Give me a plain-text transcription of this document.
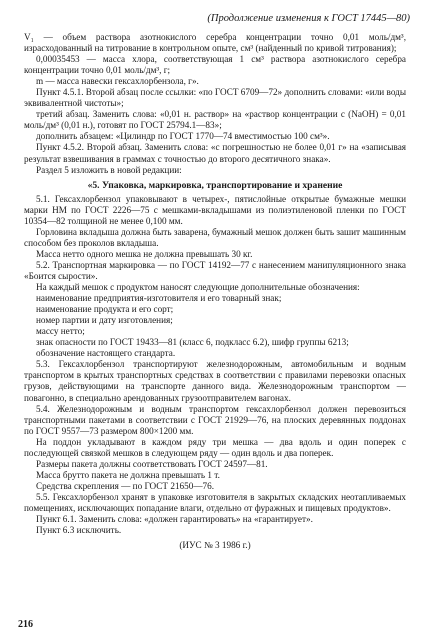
(Продолжение изменения к ГОСТ 17445—80)

V₁ — объем раствора азотнокислого серебра концентрации точно 0,01 моль/дм³, израсходованный на титрование в контрольном опыте, см³ (найденный по кривой титрования);

0,00035453 — масса хлора, соответствующая 1 см³ раствора азотнокислого серебра концентрации точно 0,01 моль/дм³, г;

m — масса навески гексахлорбензола, г».

Пункт 4.5.1. Второй абзац после ссылки: «по ГОСТ 6709—72» дополнить словами: «или воды эквивалентной чистоты»;

третий абзац. Заменить слова: «0,01 н. раствор» на «раствор концентрации с (NaOH) = 0,01 моль/дм³ (0,01 н.), готовят по ГОСТ 25794.1—83»;

дополнить абзацем: «Цилиндр по ГОСТ 1770—74 вместимостью 100 см³».

Пункт 4.5.2. Второй абзац. Заменить слова: «с погрешностью не более 0,01 г» на «записывая результат взвешивания в граммах с точностью до второго десятичного знака».

Раздел 5 изложить в новой редакции:

«5. Упаковка, маркировка, транспортирование и хранение

5.1. Гексахлорбензол упаковывают в четырех-, пятислойные открытые бумажные мешки марки НМ по ГОСТ 2226—75 с мешками-вкладышами из полиэтиленовой пленки по ГОСТ 10354—82 толщиной не менее 0,100 мм.

Горловина вкладыша должна быть заварена, бумажный мешок должен быть зашит машинным способом без проколов вкладыша.

Масса нетто одного мешка не должна превышать 30 кг.

5.2. Транспортная маркировка — по ГОСТ 14192—77 с нанесением манипуляционного знака «Боится сырости».

На каждый мешок с продуктом наносят следующие дополнительные обозначения:

наименование предприятия-изготовителя и его товарный знак;

наименование продукта и его сорт;

номер партии и дату изготовления;

массу нетто;

знак опасности по ГОСТ 19433—81 (класс 6, подкласс 6.2), шифр группы 6213;

обозначение настоящего стандарта.

5.3. Гексахлорбензол транспортируют железнодорожным, автомобильным и водным транспортом в крытых транспортных средствах в соответствии с правилами перевозки опасных грузов, действующими на транспорте данного вида. Железнодорожным транспортом — повагонно, в специально арендованных грузоотправителем вагонах.

5.4. Железнодорожным и водным транспортом гексахлорбензол должен перевозиться транспортными пакетами в соответствии с ГОСТ 21929—76, на плоских деревянных поддонах по ГОСТ 9557—73 размером 800×1200 мм.

На поддон укладывают в каждом ряду три мешка — два вдоль и один поперек с последующей связкой мешков в следующем ряду — один вдоль и два поперек.

Размеры пакета должны соответствовать ГОСТ 24597—81.

Масса брутто пакета не должна превышать 1 т.

Средства скрепления — по ГОСТ 21650—76.

5.5. Гексахлорбензол хранят в упаковке изготовителя в закрытых складских неотапливаемых помещениях, исключающих попадание влаги, отдельно от фуражных и пищевых продуктов».

Пункт 6.1. Заменить слова: «должен гарантировать» на «гарантирует».

Пункт 6.3 исключить.

(ИУС № 3 1986 г.)

216
